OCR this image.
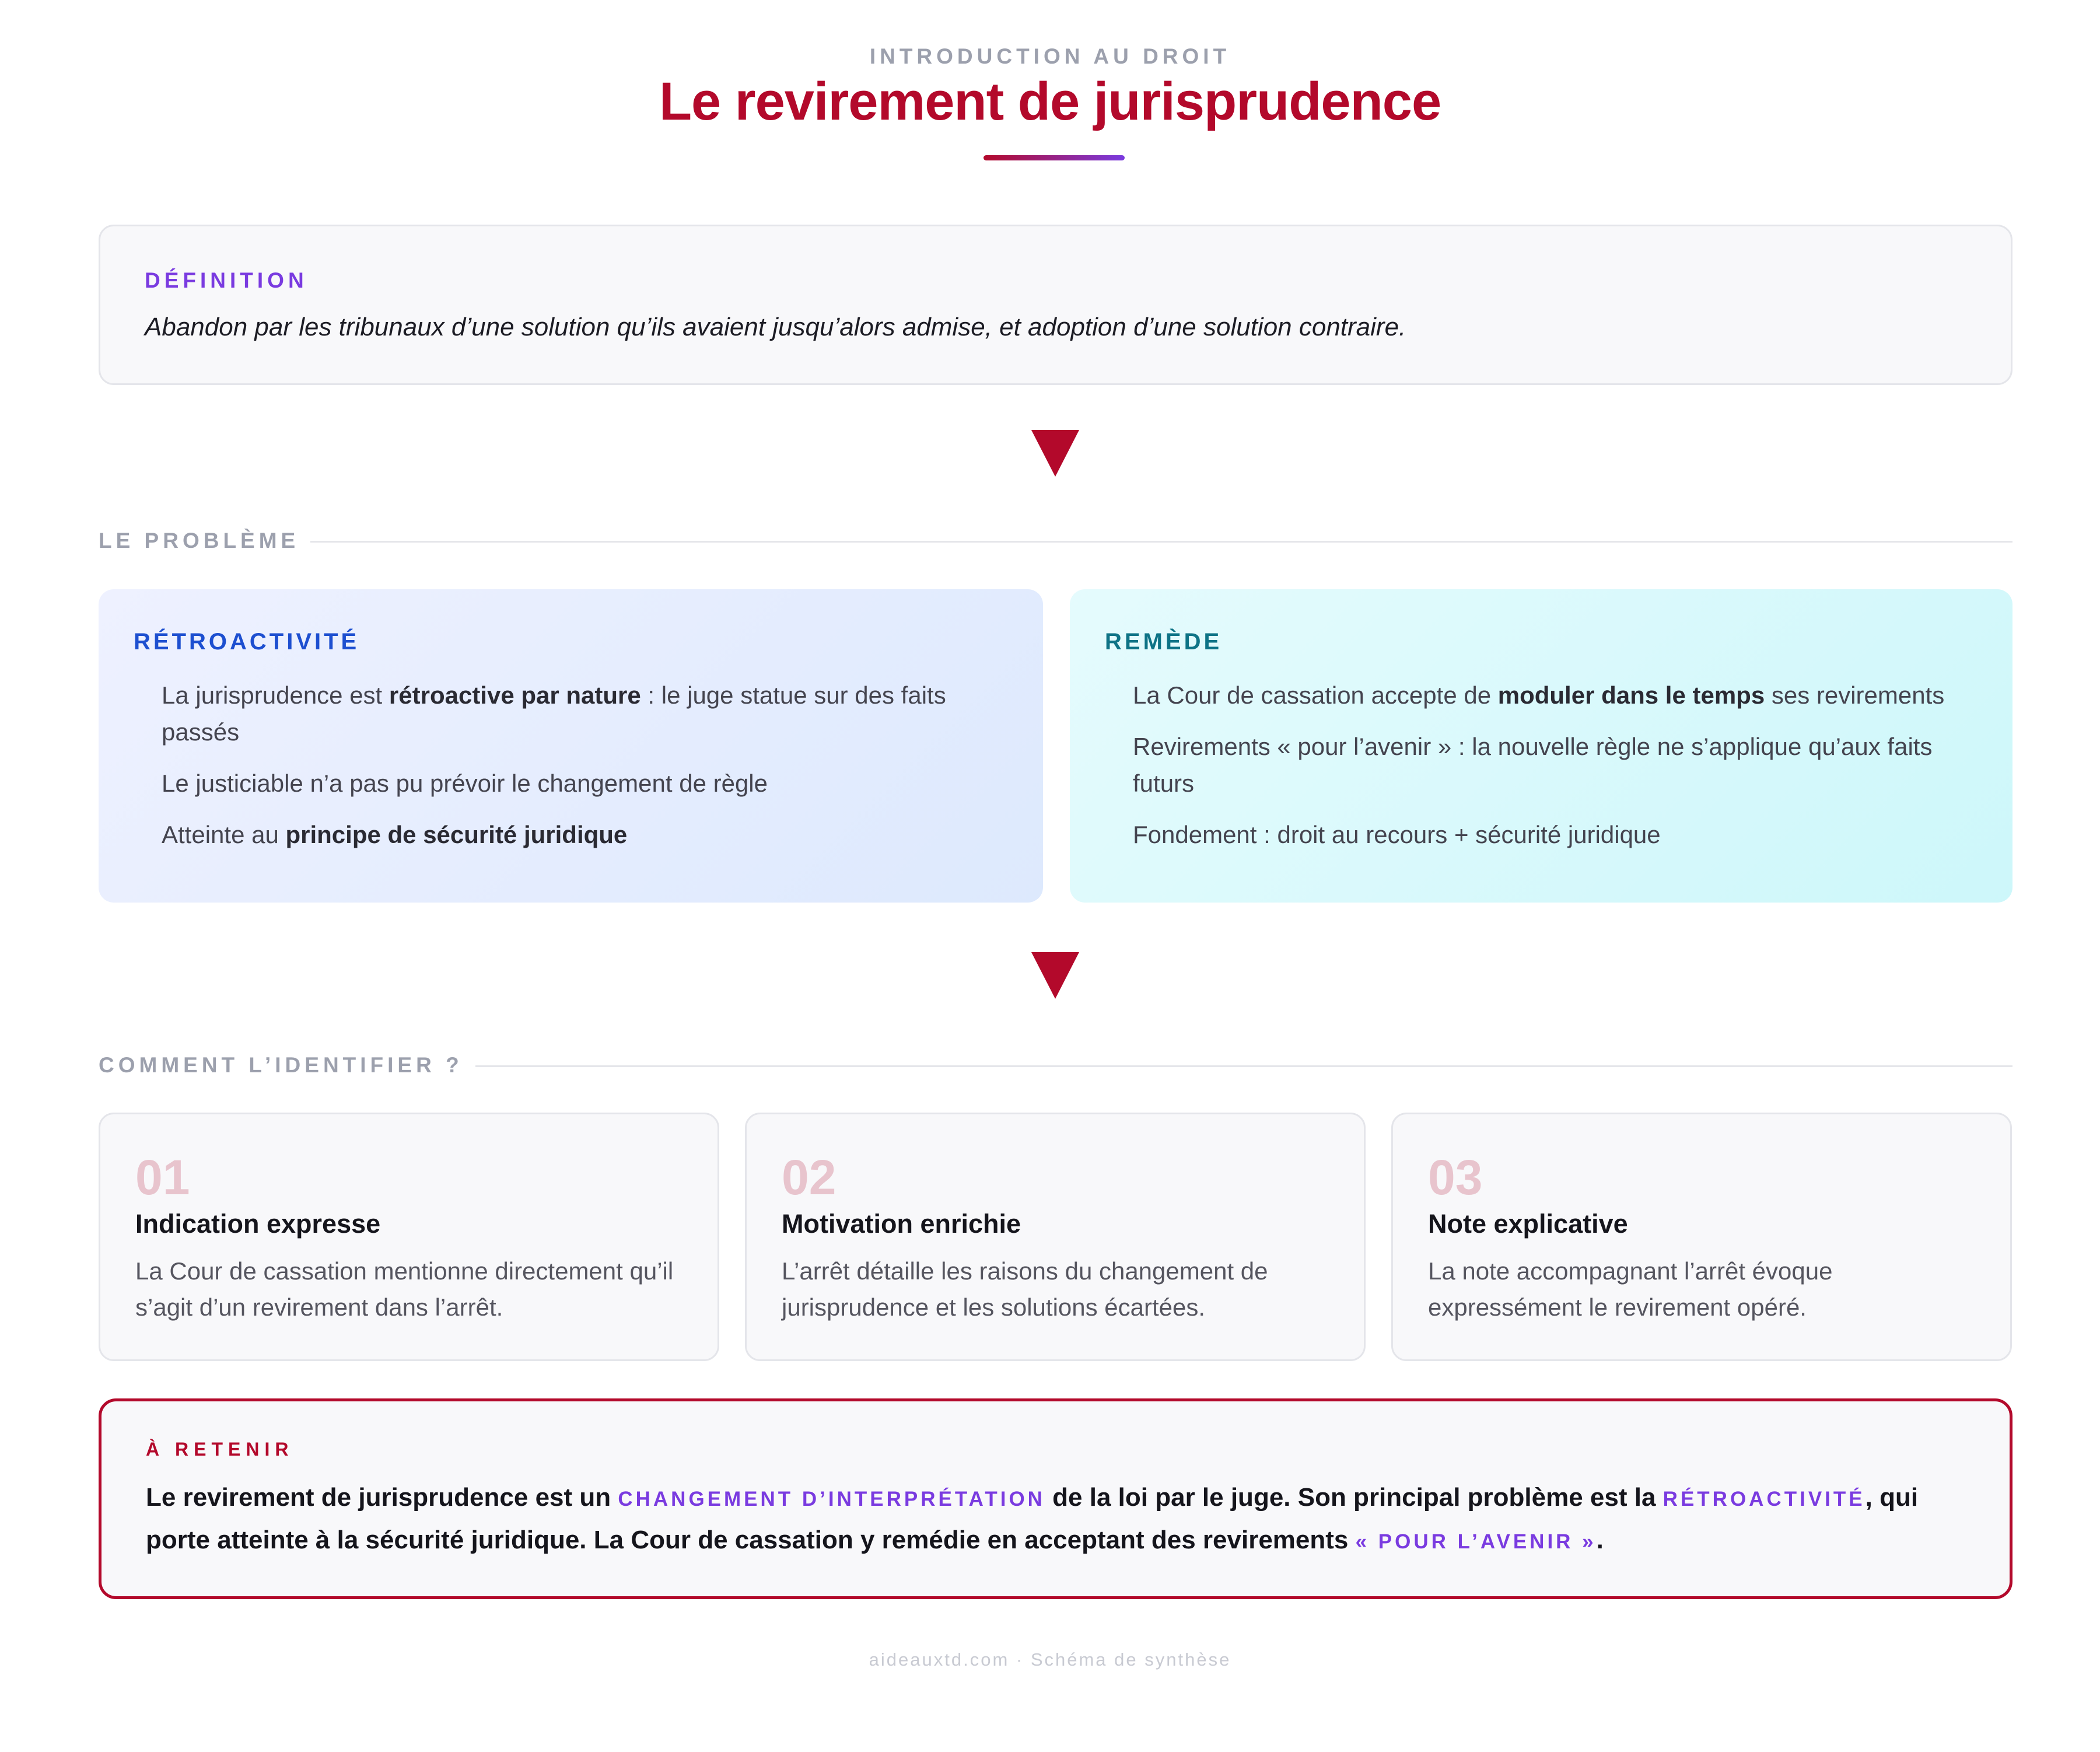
INTRODUCTION AU DROIT
Le revirement de jurisprudence
DÉFINITION
Abandon par les tribunaux d’une solution qu’ils avaient jusqu’alors admise, et adoption d’une solution contraire.
LE PROBLÈME
RÉTROACTIVITÉ
La jurisprudence est rétroactive par nature : le juge statue sur des faits passés
Le justiciable n’a pas pu prévoir le changement de règle
Atteinte au principe de sécurité juridique
REMÈDE
La Cour de cassation accepte de moduler dans le temps ses revirements
Revirements « pour l’avenir » : la nouvelle règle ne s’applique qu’aux faits futurs
Fondement : droit au recours + sécurité juridique
COMMENT L’IDENTIFIER ?
01
Indication expresse
La Cour de cassation mentionne directement qu’il s’agit d’un revirement dans l’arrêt.
02
Motivation enrichie
L’arrêt détaille les raisons du changement de jurisprudence et les solutions écartées.
03
Note explicative
La note accompagnant l’arrêt évoque expressément le revirement opéré.
À RETENIR
Le revirement de jurisprudence est un CHANGEMENT D’INTERPRÉTATION de la loi par le juge. Son principal problème est la RÉTROACTIVITÉ, qui porte atteinte à la sécurité juridique. La Cour de cassation y remédie en acceptant des revirements « POUR L’AVENIR ».
aideauxtd.com · Schéma de synthèse
